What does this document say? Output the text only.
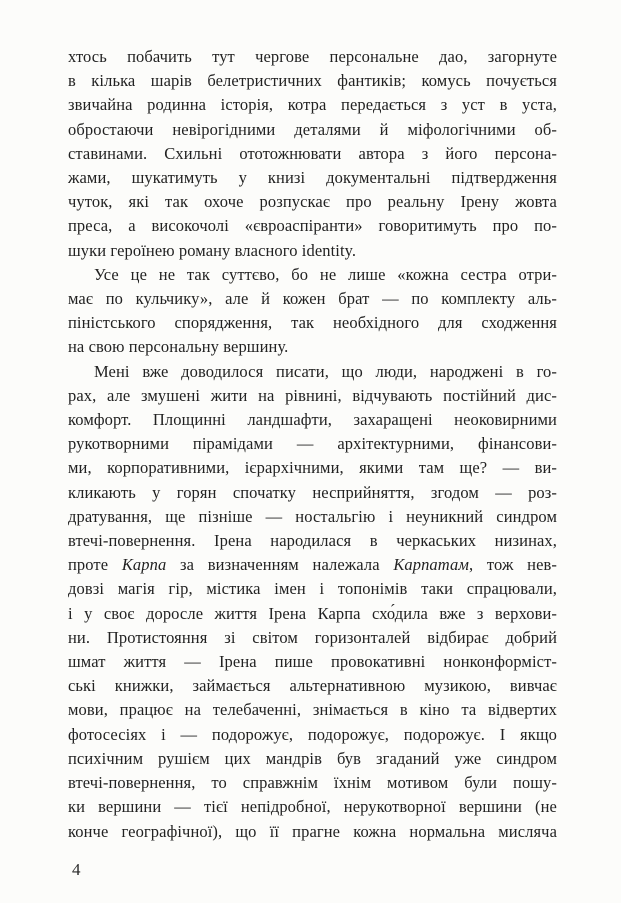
хтось побачить тут чергове персональне дао, загорнуте
в кілька шарів белетристичних фантиків; комусь почується
звичайна родинна історія, котра передається з уст в уста,
обростаючи невірогідними деталями й міфологічними об-
ставинами. Схильні ототожнювати автора з його персона-
жами, шукатимуть у книзі документальні підтвердження
чуток, які так охоче розпускає про реальну Ірену жовта
преса, а високочолі «євроаспіранти» говоритимуть про по-
шуки героїнею роману власного identity.
Усе це не так суттєво, бо не лише «кожна сестра отри-
має по кульчику», але й кожен брат — по комплекту аль-
піністського спорядження, так необхідного для сходження
на свою персональну вершину.
Мені вже доводилося писати, що люди, народжені в го-
рах, але змушені жити на рівнині, відчувають постійний дис-
комфорт. Площинні ландшафти, захаращені неоковирними
рукотворними пірамідами — архітектурними, фінансови-
ми, корпоративними, ієрархічними, якими там ще? — ви-
кликають у горян спочатку несприйняття, згодом — роз-
дратування, ще пізніше — ностальгію і неуникний синдром
втечі-повернення. Ірена народилася в черкаських низинах,
проте Карпа за визначенням належала Карпатам, тож нев-
довзі магія гір, містика імен і топонімів таки спрацювали,
і у своє доросле життя Ірена Карпа схо́дила вже з верхови-
ни. Протистояння зі світом горизонталей відбирає добрий
шмат життя — Ірена пише провокативні нонконформіст-
ські книжки, займається альтернативною музикою, вивчає
мови, працює на телебаченні, знімається в кіно та відвертих
фотосесіях і — подорожує, подорожує, подорожує. І якщо
психічним рушієм цих мандрів був згаданий уже синдром
втечі-повернення, то справжнім їхнім мотивом були пошу-
ки вершини — тієї непідробної, нерукотворної вершини (не
конче географічної), що її прагне кожна нормальна мисляча
4
